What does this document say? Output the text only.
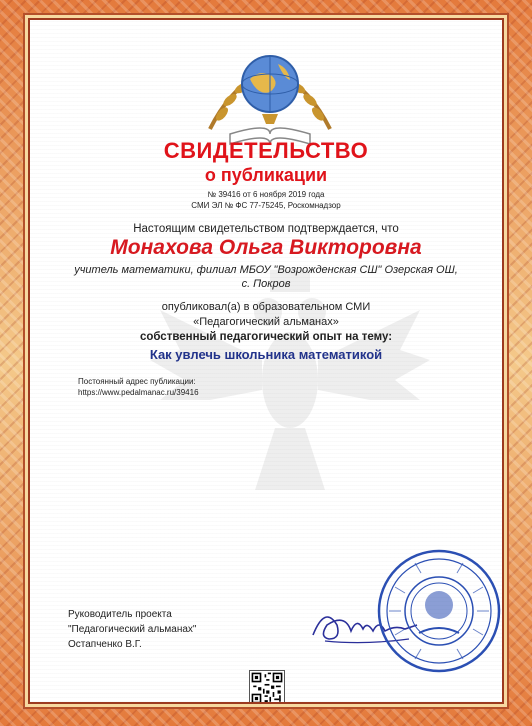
СВИДЕТЕЛЬСТВО
о публикации
№ 39416 от 6 ноября 2019 года
СМИ ЭЛ № ФС 77-75245, Роскомнадзор
Настоящим свидетельством подтверждается, что
Монахова Ольга Викторовна
учитель математики, филиал МБОУ "Возрожденская СШ" Озерская ОШ, с. Покров
опубликовал(а) в образовательном СМИ
«Педагогический альманах»
собственный педагогический опыт на тему:
Как увлечь школьника математикой
Постоянный адрес публикации:
https://www.pedalmanac.ru/39416
Руководитель проекта
"Педагогический альманах"
Остапченко В.Г.
